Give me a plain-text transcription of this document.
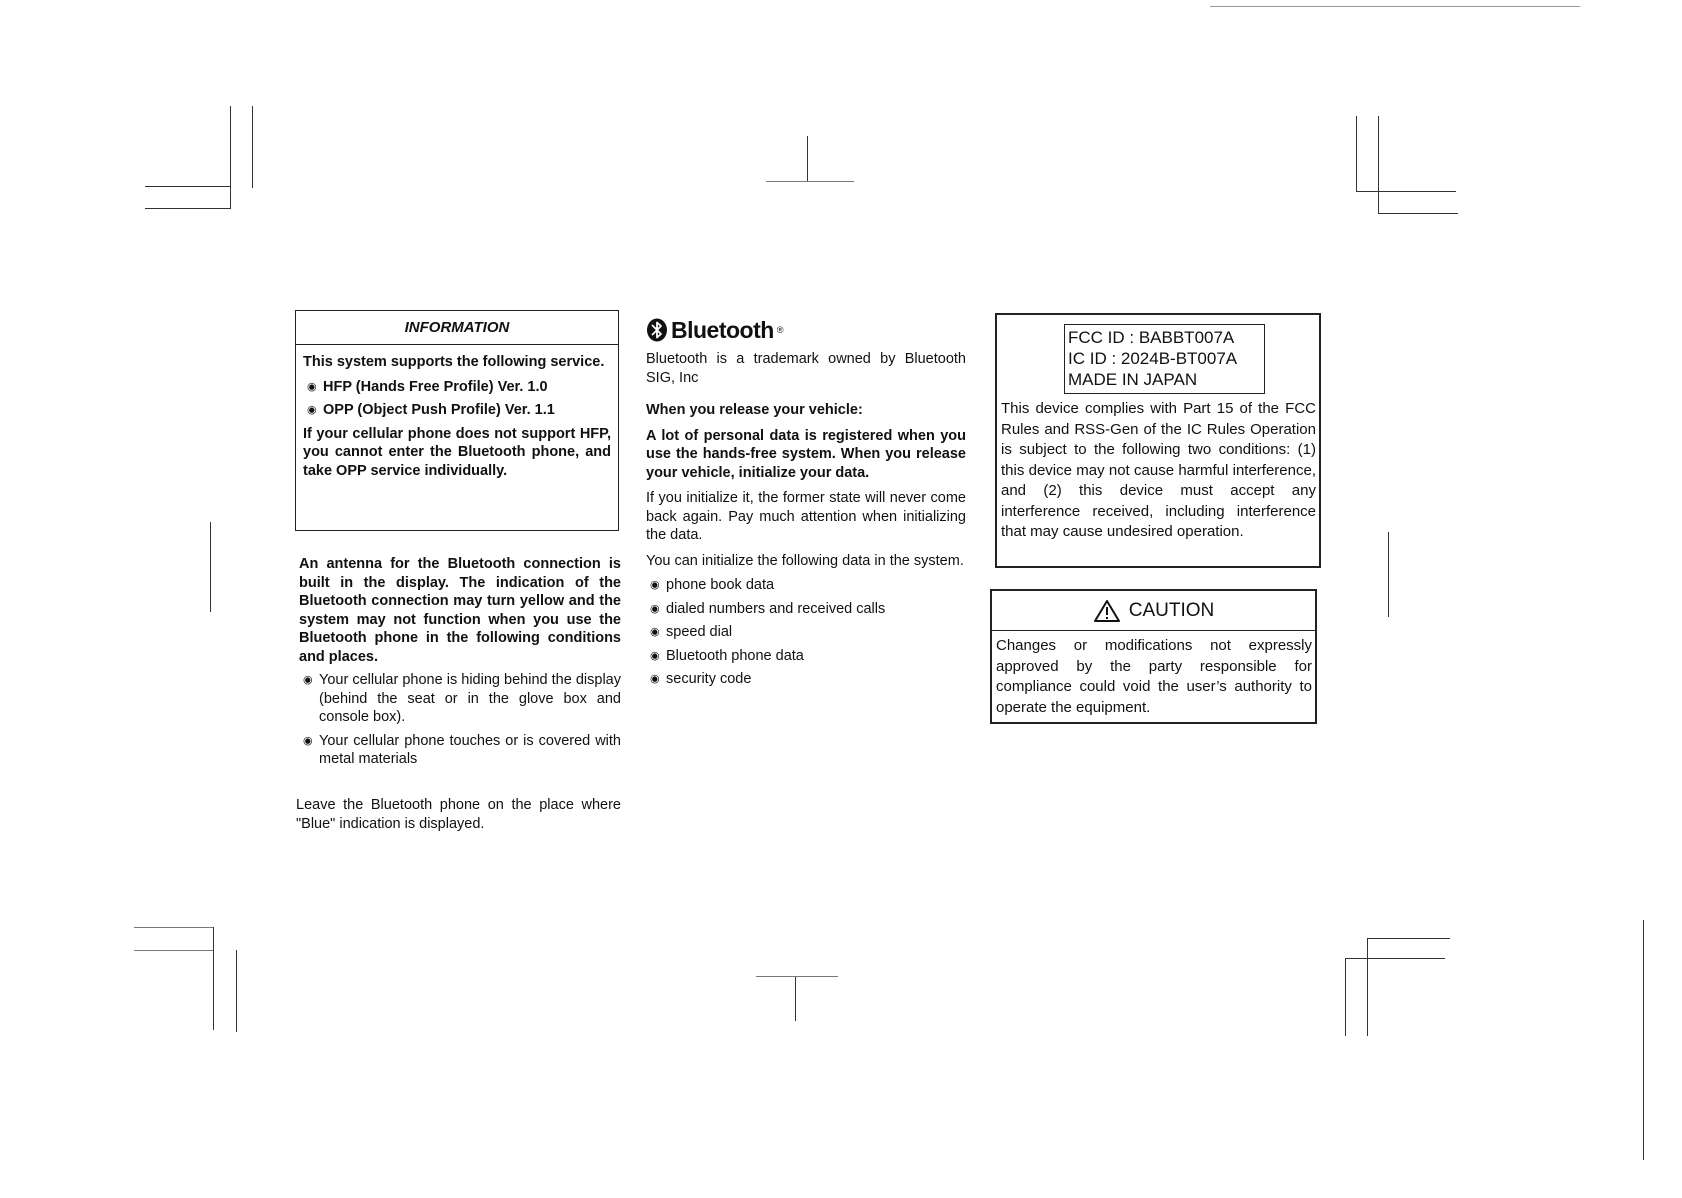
INFORMATION

This system supports the following service.

◉ HFP (Hands Free Profile) Ver. 1.0

◉ OPP (Object Push Profile) Ver. 1.1

If your cellular phone does not support HFP, you cannot enter the Bluetooth phone, and take OPP service individually.

An antenna for the Bluetooth connection is built in the display. The indication of the Bluetooth connection may turn yellow and the system may not function when you use the Bluetooth phone in the following conditions and places.

◉ Your cellular phone is hiding behind the display (behind the seat or in the glove box and console box).

◉ Your cellular phone touches or is covered with metal materials

Leave the Bluetooth phone on the place where "Blue" indication is displayed.

Bluetooth ®

Bluetooth is a trademark owned by Bluetooth SIG, Inc

When you release your vehicle:

A lot of personal data is registered when you use the hands-free system. When you release your vehicle, initialize your data.

If you initialize it, the former state will never come back again. Pay much attention when initializing the data.

You can initialize the following data in the system.

◉ phone book data

◉ dialed numbers and received calls

◉ speed dial

◉ Bluetooth phone data

◉ security code

FCC ID : BABBT007A
IC ID : 2024B-BT007A
MADE IN JAPAN
This device complies with Part 15 of the FCC Rules and RSS-Gen of the IC Rules Operation is subject to the following two conditions: (1) this device may not cause harmful interference, and (2) this device must accept any interference received, including interference that may cause undesired operation.
CAUTION
Changes or modifications not expressly approved by the party responsible for compliance could void the user’s authority to operate the equipment.
